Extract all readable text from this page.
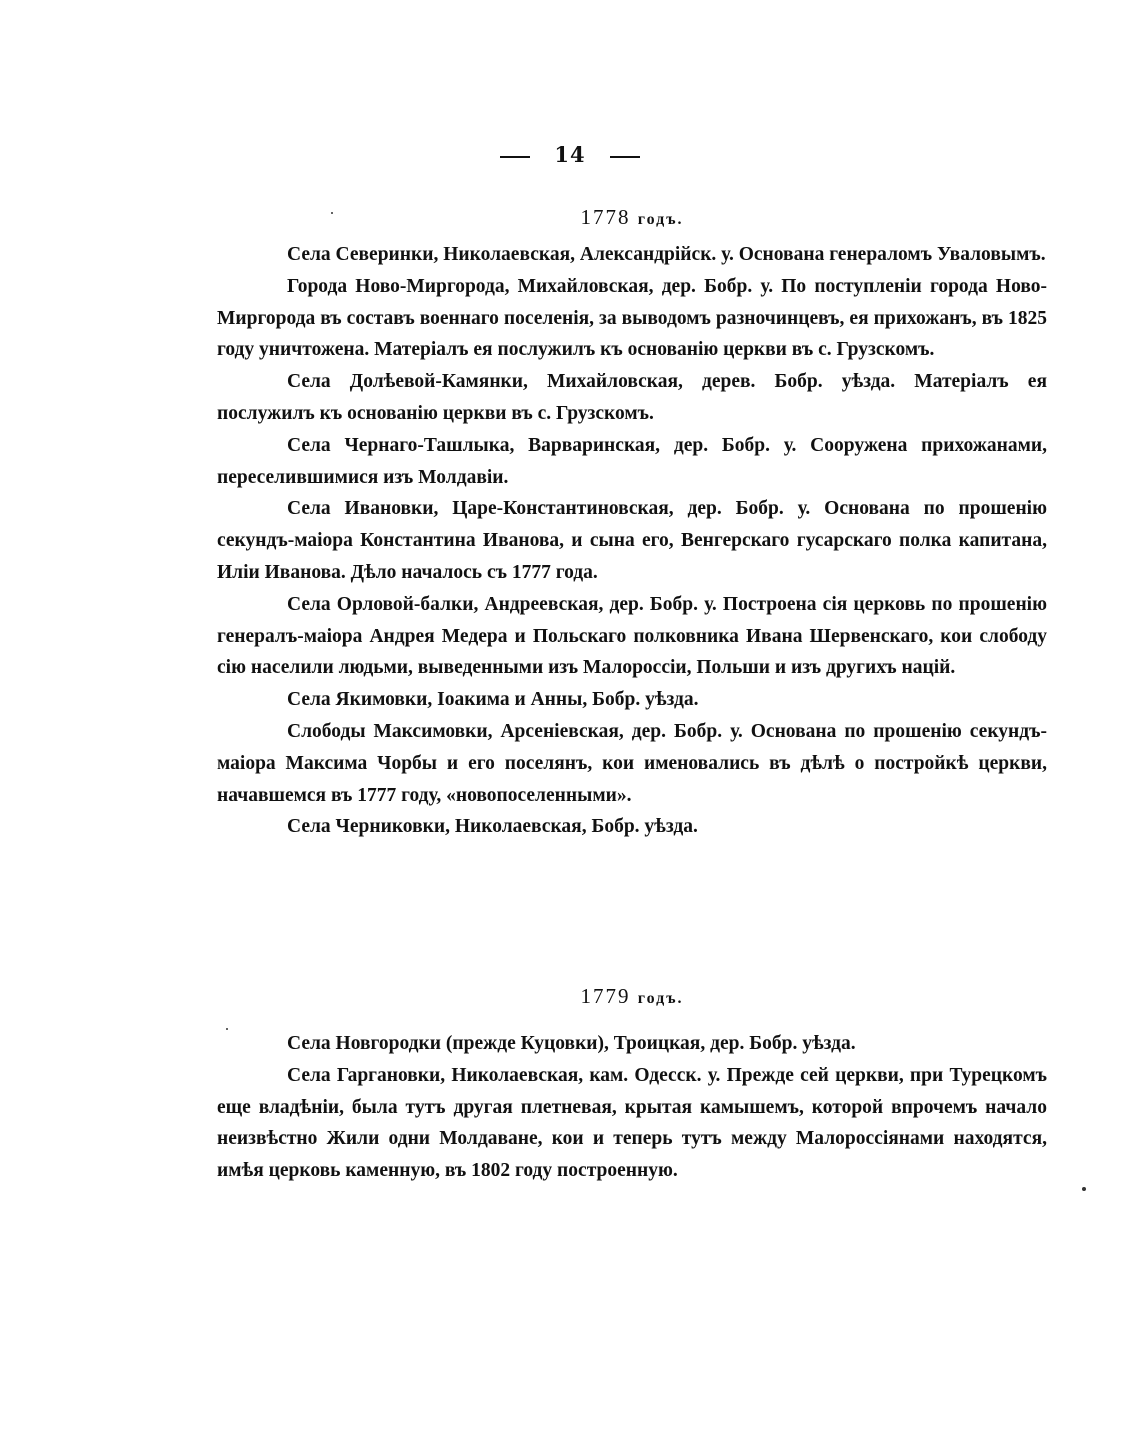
14
1778 годъ.

Села Северинки, Николаевская, Александрійск. у. Основана генераломъ Уваловымъ.

Города Ново-Миргорода, Михайловская, дер. Бобр. у. По поступленіи города Ново-Миргорода въ составъ военнаго поселенія, за выводомъ разночинцевъ, ея прихожанъ, въ 1825 году уничтожена. Матеріалъ ея послужилъ къ основанію церкви въ с. Грузскомъ.

Села Долѣевой-Камянки, Михайловская, дерев. Бобр. уѣзда. Матеріалъ ея послужилъ къ основанію церкви въ с. Грузскомъ.

Села Чернаго-Ташлыка, Варваринская, дер. Бобр. у. Сооружена прихожанами, переселившимися изъ Молдавіи.

Села Ивановки, Царе-Константиновская, дер. Бобр. у. Основана по прошенію секундъ-маіора Константина Иванова, и сына его, Венгерскаго гусарскаго полка капитана, Иліи Иванова. Дѣло началось съ 1777 года.

Села Орловой-балки, Андреевская, дер. Бобр. у. Построена сія церковь по прошенію генералъ-маіора Андрея Медера и Польскаго полковника Ивана Шервенскаго, кои слободу сію населили людьми, выведенными изъ Малороссіи, Польши и изъ другихъ націй.

Села Якимовки, Іоакима и Анны, Бобр. уѣзда.

Слободы Максимовки, Арсеніевская, дер. Бобр. у. Основана по прошенію секундъ-маіора Максима Чорбы и его поселянъ, кои именовались въ дѣлѣ о постройкѣ церкви, начавшемся въ 1777 году, «новопоселенными».

Села Черниковки, Николаевская, Бобр. уѣзда.

1779 годъ.

Села Новгородки (прежде Куцовки), Троицкая, дер. Бобр. уѣзда.

Села Гаргановки, Николаевская, кам. Одесск. у. Прежде сей церкви, при Турецкомъ еще владѣніи, была тутъ другая плетневая, крытая камышемъ, которой впрочемъ начало неизвѣстно Жили одни Молдаване, кои и теперь тутъ между Малороссіянами находятся, имѣя церковь каменную, въ 1802 году построенную.
